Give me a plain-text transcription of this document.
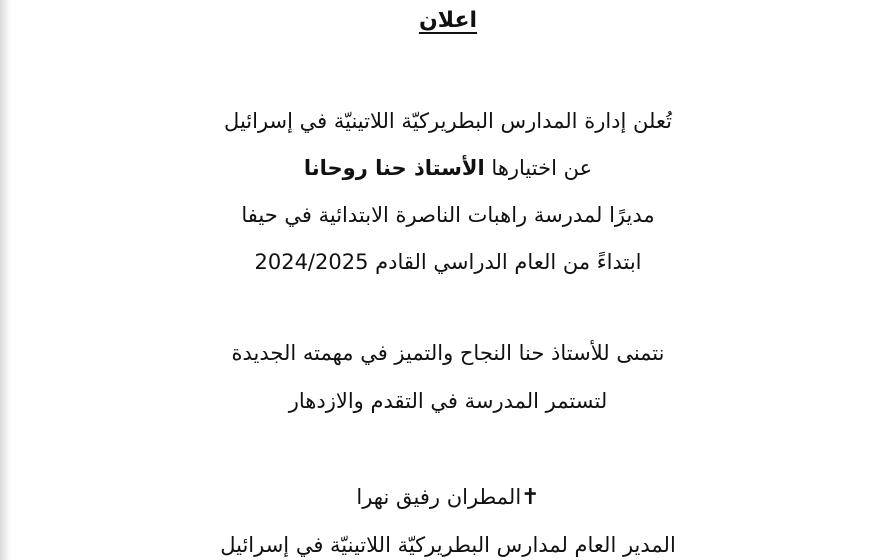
اعلان
تُعلن إدارة المدارس البطريركيّة اللاتينيّة في إسرائيل
عن اختيارها الأستاذ حنا روحانا
مديرًا لمدرسة راهبات الناصرة الابتدائية في حيفا
ابتداءً من العام الدراسي القادم 2024/2025
نتمنى للأستاذ حنا النجاح والتميز في مهمته الجديدة
لتستمر المدرسة في التقدم والازدهار
✝المطران رفيق نهرا
المدير العام لمدارس البطريركيّة اللاتينيّة في إسرائيل
